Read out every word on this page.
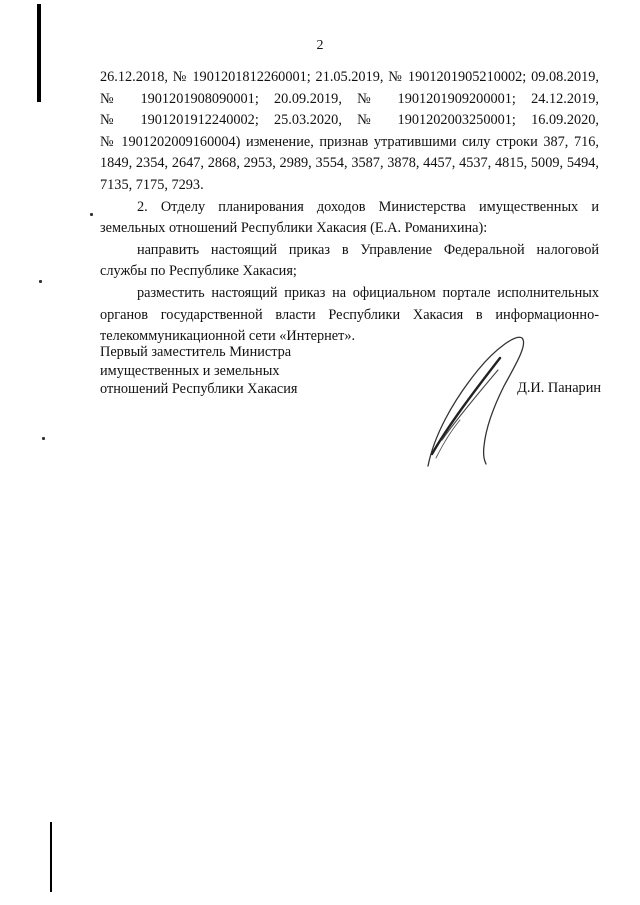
2
26.12.2018, № 1901201812260001; 21.05.2019, № 1901201905210002; 09.08.2019,
№ 1901201908090001; 20.09.2019, № 1901201909200001; 24.12.2019,
№ 1901201912240002; 25.03.2020, № 1901202003250001; 16.09.2020,

№ 1901202009160004) изменение, признав утратившими силу строки 387, 716, 1849, 2354, 2647, 2868, 2953, 2989, 3554, 3587, 3878, 4457, 4537, 4815, 5009, 5494, 7135, 7175, 7293.

2. Отделу планирования доходов Министерства имущественных и земельных отношений Республики Хакасия (Е.А. Романихина):

направить настоящий приказ в Управление Федеральной налоговой службы по Республике Хакасия;

разместить настоящий приказ на официальном портале исполнительных органов государственной власти Республики Хакасия в информационно-телекоммуникационной сети «Интернет».

Первый заместитель Министра
имущественных и земельных
отношений Республики Хакасия	Д.И. Панарин
